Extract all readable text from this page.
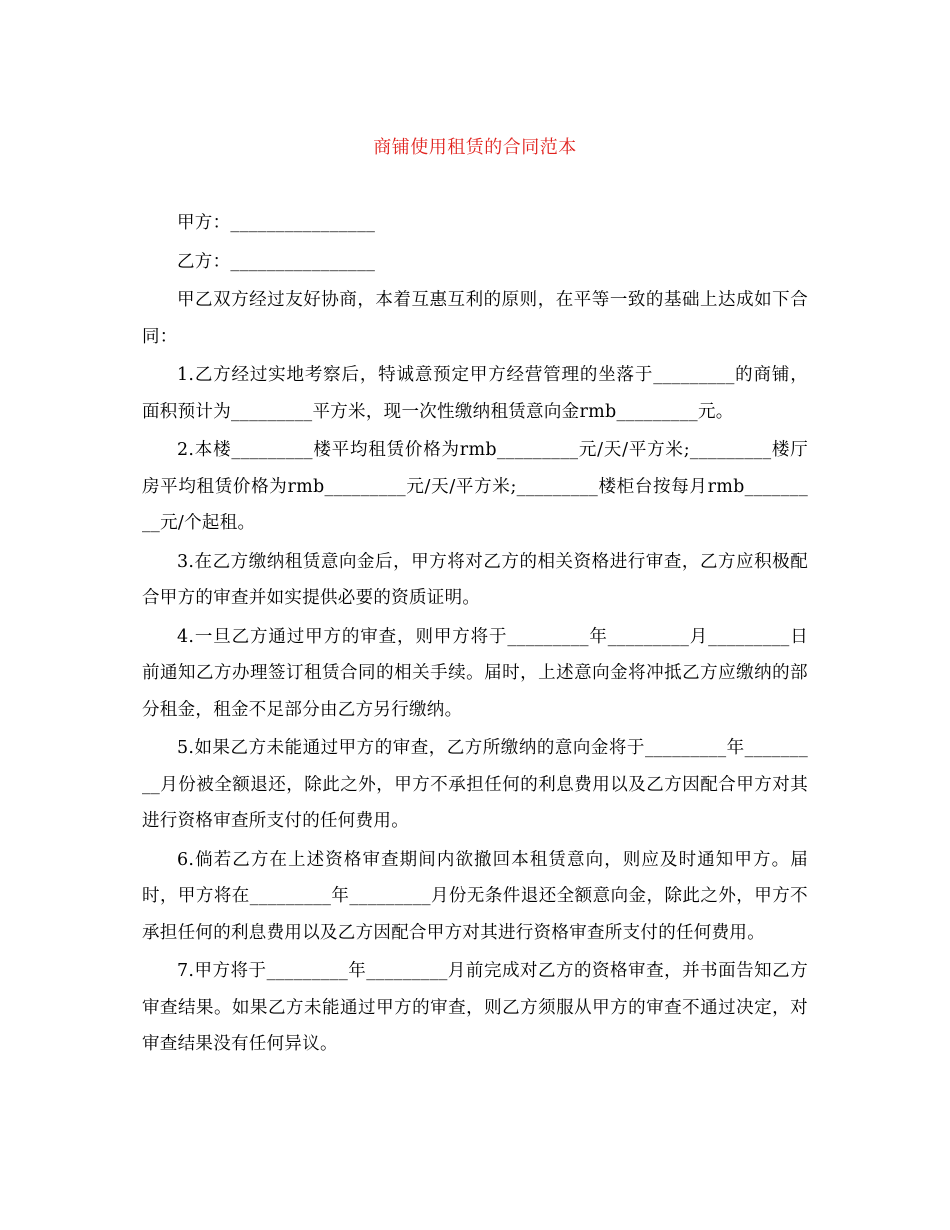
商铺使用租赁的合同范本

甲方：________________

乙方：________________

甲乙双方经过友好协商，本着互惠互利的原则，在平等一致的基础上达成如下合同：

1.乙方经过实地考察后，特诚意预定甲方经营管理的坐落于_________的商铺，面积预计为_________平方米，现一次性缴纳租赁意向金rmb_________元。

2.本楼_________楼平均租赁价格为rmb_________元/天/平方米;_________楼厅房平均租赁价格为rmb_________元/天/平方米;_________楼柜台按每月rmb_________元/个起租。

3.在乙方缴纳租赁意向金后，甲方将对乙方的相关资格进行审查，乙方应积极配合甲方的审查并如实提供必要的资质证明。

4.一旦乙方通过甲方的审查，则甲方将于_________年_________月_________日前通知乙方办理签订租赁合同的相关手续。届时，上述意向金将冲抵乙方应缴纳的部分租金，租金不足部分由乙方另行缴纳。

5.如果乙方未能通过甲方的审查，乙方所缴纳的意向金将于_________年_________月份被全额退还，除此之外，甲方不承担任何的利息费用以及乙方因配合甲方对其进行资格审查所支付的任何费用。

6.倘若乙方在上述资格审查期间内欲撤回本租赁意向，则应及时通知甲方。届时，甲方将在_________年_________月份无条件退还全额意向金，除此之外，甲方不承担任何的利息费用以及乙方因配合甲方对其进行资格审查所支付的任何费用。

7.甲方将于_________年_________月前完成对乙方的资格审查，并书面告知乙方审查结果。如果乙方未能通过甲方的审查，则乙方须服从甲方的审查不通过决定，对审查结果没有任何异议。
